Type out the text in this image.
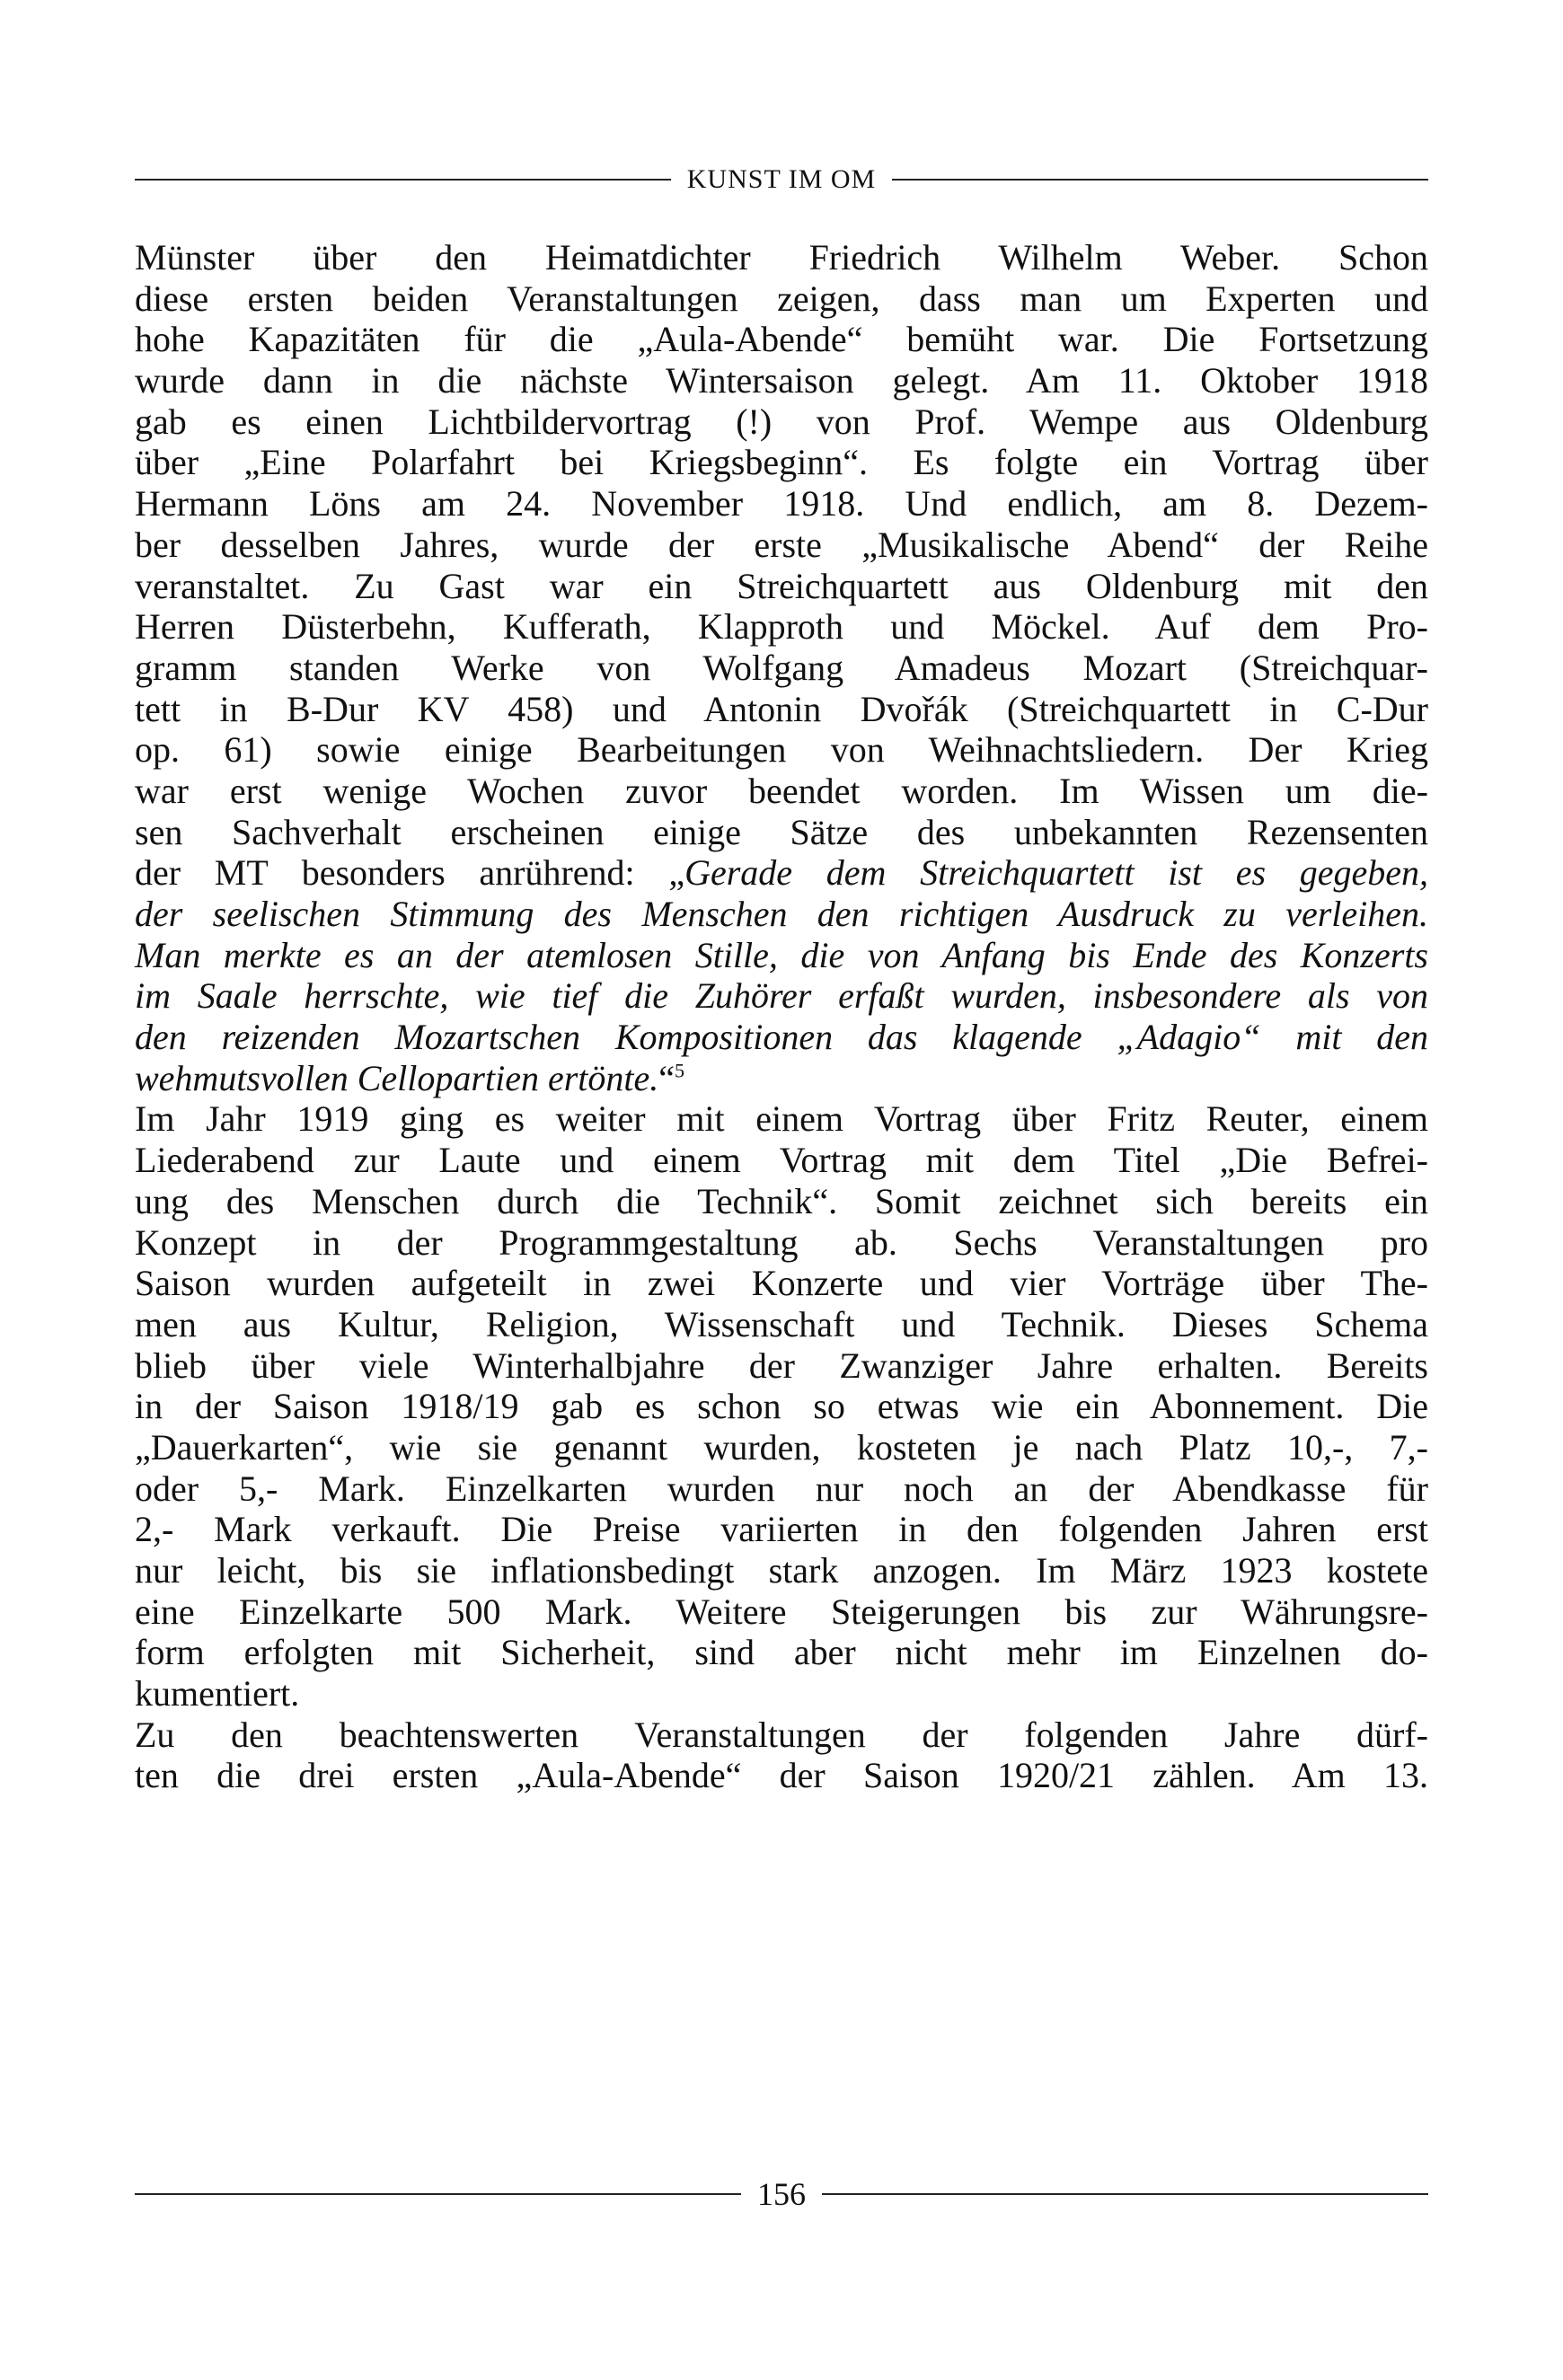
KUNST IM OM
Münster über den Heimatdichter Friedrich Wilhelm Weber. Schon
diese ersten beiden Veranstaltungen zeigen, dass man um Experten und
hohe Kapazitäten für die „Aula-Abende“ bemüht war. Die Fortsetzung
wurde dann in die nächste Wintersaison gelegt. Am 11. Oktober 1918
gab es einen Lichtbildervortrag (!) von Prof. Wempe aus Oldenburg
über „Eine Polarfahrt bei Kriegsbeginn“. Es folgte ein Vortrag über
Hermann Löns am 24. November 1918. Und endlich, am 8. Dezem-
ber desselben Jahres, wurde der erste „Musikalische Abend“ der Reihe
veranstaltet. Zu Gast war ein Streichquartett aus Oldenburg mit den
Herren Düsterbehn, Kufferath, Klapproth und Möckel. Auf dem Pro-
gramm standen Werke von Wolfgang Amadeus Mozart (Streichquar-
tett in B-Dur KV 458) und Antonin Dvořák (Streichquartett in C-Dur
op. 61) sowie einige Bearbeitungen von Weihnachtsliedern. Der Krieg
war erst wenige Wochen zuvor beendet worden. Im Wissen um die-
sen Sachverhalt erscheinen einige Sätze des unbekannten Rezensenten
der MT besonders anrührend: „Gerade dem Streichquartett ist es gegeben,
der seelischen Stimmung des Menschen den richtigen Ausdruck zu verleihen.
Man merkte es an der atemlosen Stille, die von Anfang bis Ende des Konzerts
im Saale herrschte, wie tief die Zuhörer erfaßt wurden, insbesondere als von
den reizenden Mozartschen Kompositionen das klagende „Adagio“ mit den
wehmutsvollen Cellopartien ertönte.“$^5$
Im Jahr 1919 ging es weiter mit einem Vortrag über Fritz Reuter, einem
Liederabend zur Laute und einem Vortrag mit dem Titel „Die Befrei-
ung des Menschen durch die Technik“. Somit zeichnet sich bereits ein
Konzept in der Programmgestaltung ab. Sechs Veranstaltungen pro
Saison wurden aufgeteilt in zwei Konzerte und vier Vorträge über The-
men aus Kultur, Religion, Wissenschaft und Technik. Dieses Schema
blieb über viele Winterhalbjahre der Zwanziger Jahre erhalten. Bereits
in der Saison 1918/19 gab es schon so etwas wie ein Abonnement. Die
„Dauerkarten“, wie sie genannt wurden, kosteten je nach Platz 10,-, 7,-
oder 5,- Mark. Einzelkarten wurden nur noch an der Abendkasse für
2,- Mark verkauft. Die Preise variierten in den folgenden Jahren erst
nur leicht, bis sie inflationsbedingt stark anzogen. Im März 1923 kostete
eine Einzelkarte 500 Mark. Weitere Steigerungen bis zur Währungsre-
form erfolgten mit Sicherheit, sind aber nicht mehr im Einzelnen do-
kumentiert.
Zu den beachtenswerten Veranstaltungen der folgenden Jahre dürf-
ten die drei ersten „Aula-Abende“ der Saison 1920/21 zählen. Am 13.
156
